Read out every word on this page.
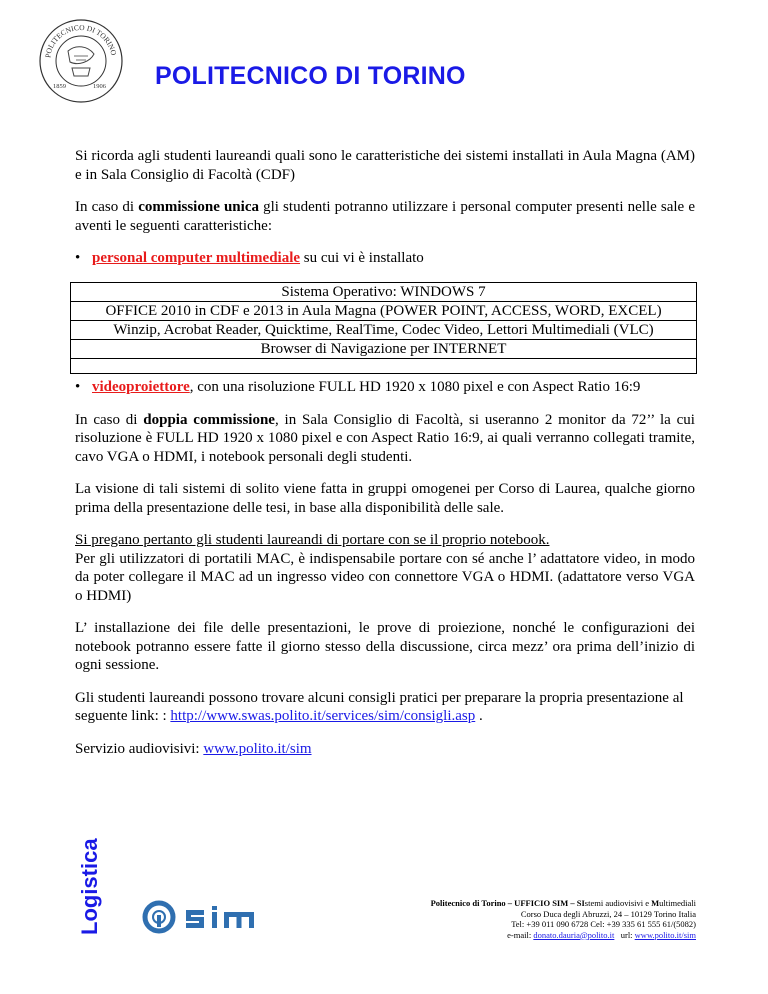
POLITECNICO DI TORINO
1859	1906 POLITECNICO DI TORINO

Si ricorda agli studenti laureandi quali sono le caratteristiche dei sistemi installati in Aula Magna (AM) e in Sala Consiglio di Facoltà (CDF)

In caso di commissione unica gli studenti potranno utilizzare i personal computer presenti nelle sale e aventi le seguenti caratteristiche:

• personal computer multimediale su cui vi è installato
Sistema Operativo: WINDOWS 7
OFFICE 2010 in CDF e 2013 in Aula Magna (POWER POINT, ACCESS, WORD, EXCEL)
Winzip, Acrobat Reader, Quicktime, RealTime, Codec Video, Lettori Multimediali (VLC)
Browser di Navigazione per INTERNET

• videoproiettore, con una risoluzione FULL HD 1920 x 1080 pixel e con Aspect Ratio 16:9

In caso di doppia commissione, in Sala Consiglio di Facoltà, si useranno 2 monitor da 72’’ la cui risoluzione è FULL HD 1920 x 1080 pixel e con Aspect Ratio 16:9, ai quali verranno collegati tramite, cavo VGA o HDMI, i notebook personali degli studenti.

La visione di tali sistemi di solito viene fatta in gruppi omogenei per Corso di Laurea, qualche giorno prima della presentazione delle tesi, in base alla disponibilità delle sale.

Si pregano pertanto gli studenti laureandi di portare con se il proprio notebook.

Per gli utilizzatori di portatili MAC, è indispensabile portare con sé anche l’ adattatore video, in modo da poter collegare il MAC ad un ingresso video con connettore VGA o HDMI. (adattatore verso VGA o HDMI)

L’ installazione dei file delle presentazioni, le prove di proiezione, nonché le configurazioni dei notebook potranno essere fatte il giorno stesso della discussione, circa mezz’ ora prima dell’inizio di ogni sessione.

Gli studenti laureandi possono trovare alcuni consigli pratici per preparare la propria presentazione al seguente link: : http://www.swas.polito.it/services/sim/consigli.asp .

Servizio audiovisivi: www.polito.it/sim

Logistica	Politecnico di Torino – UFFICIO SIM – SIstemi audiovisivi e Multimediali
Corso Duca degli Abruzzi, 24 – 10129 Torino Italia
Tel: +39 011 090 6728 Cel: +39 335 61 555 61/(5082)
e-mail: donato.dauria@polito.it   url: www.polito.it/sim
